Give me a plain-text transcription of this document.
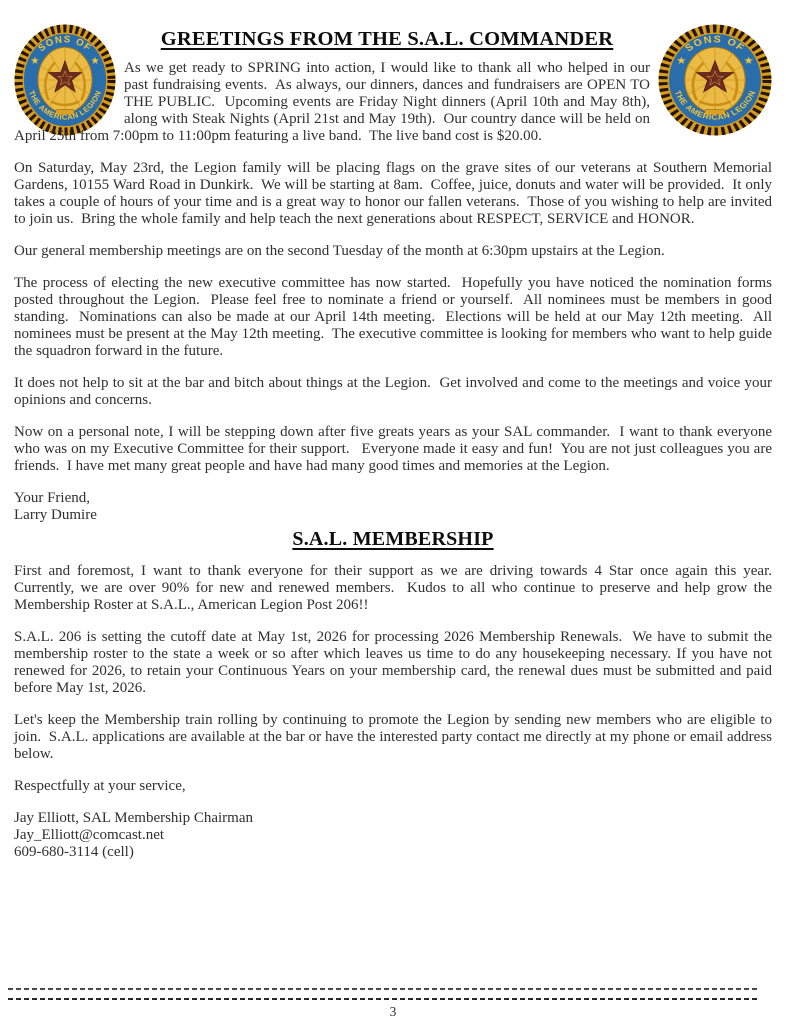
GREETINGS FROM THE S.A.L. COMMANDER

As we get ready to SPRING into action, I would like to thank all who helped in our past fundraising events.  As always, our dinners, dances and fundraisers are OPEN TO THE PUBLIC.  Upcoming events are Friday Night dinners (April 10th and May 8th), along with Steak Nights (April 21st and May 19th).  Our country dance will be held on April 25th from 7:00pm to 11:00pm featuring a live band.  The live band cost is $20.00.

On Saturday, May 23rd, the Legion family will be placing flags on the grave sites of our veterans at Southern Memorial Gardens, 10155 Ward Road in Dunkirk.  We will be starting at 8am.  Coffee, juice, donuts and water will be provided.  It only takes a couple of hours of your time and is a great way to honor our fallen veterans.  Those of you wishing to help are invited to join us.  Bring the whole family and help teach the next generations about RESPECT, SERVICE and HONOR.

Our general membership meetings are on the second Tuesday of the month at 6:30pm upstairs at the Legion.

The process of electing the new executive committee has now started.  Hopefully you have noticed the nomination forms posted throughout the Legion.  Please feel free to nominate a friend or yourself.  All nominees must be members in good standing.  Nominations can also be made at our April 14th meeting.  Elections will be held at our May 12th meeting.  All nominees must be present at the May 12th meeting.  The executive committee is looking for members who want to help guide the squadron forward in the future.

It does not help to sit at the bar and bitch about things at the Legion.  Get involved and come to the meetings and voice your opinions and concerns.

Now on a personal note, I will be stepping down after five greats years as your SAL commander.  I want to thank everyone who was on my Executive Committee for their support.   Everyone made it easy and fun!  You are not just colleagues you are friends.  I have met many great people and have had many good times and memories at the Legion.

Your Friend,
Larry Dumire
S.A.L. MEMBERSHIP

First and foremost, I want to thank everyone for their support as we are driving towards 4 Star once again this year.  Currently, we are over 90% for new and renewed members.  Kudos to all who continue to preserve and help grow the Membership Roster at S.A.L., American Legion Post 206!!

S.A.L. 206 is setting the cutoff date at May 1st, 2026 for processing 2026 Membership Renewals.  We have to submit the membership roster to the state a week or so after which leaves us time to do any housekeeping necessary. If you have not renewed for 2026, to retain your Continuous Years on your membership card, the renewal dues must be submitted and paid before May 1st, 2026.

Let's keep the Membership train rolling by continuing to promote the Legion by sending new members who are eligible to join.  S.A.L. applications are available at the bar or have the interested party contact me directly at my phone or email address below.

Respectfully at your service,
Jay Elliott, SAL Membership Chairman
Jay_Elliott@comcast.net
609-680-3114 (cell)
3
